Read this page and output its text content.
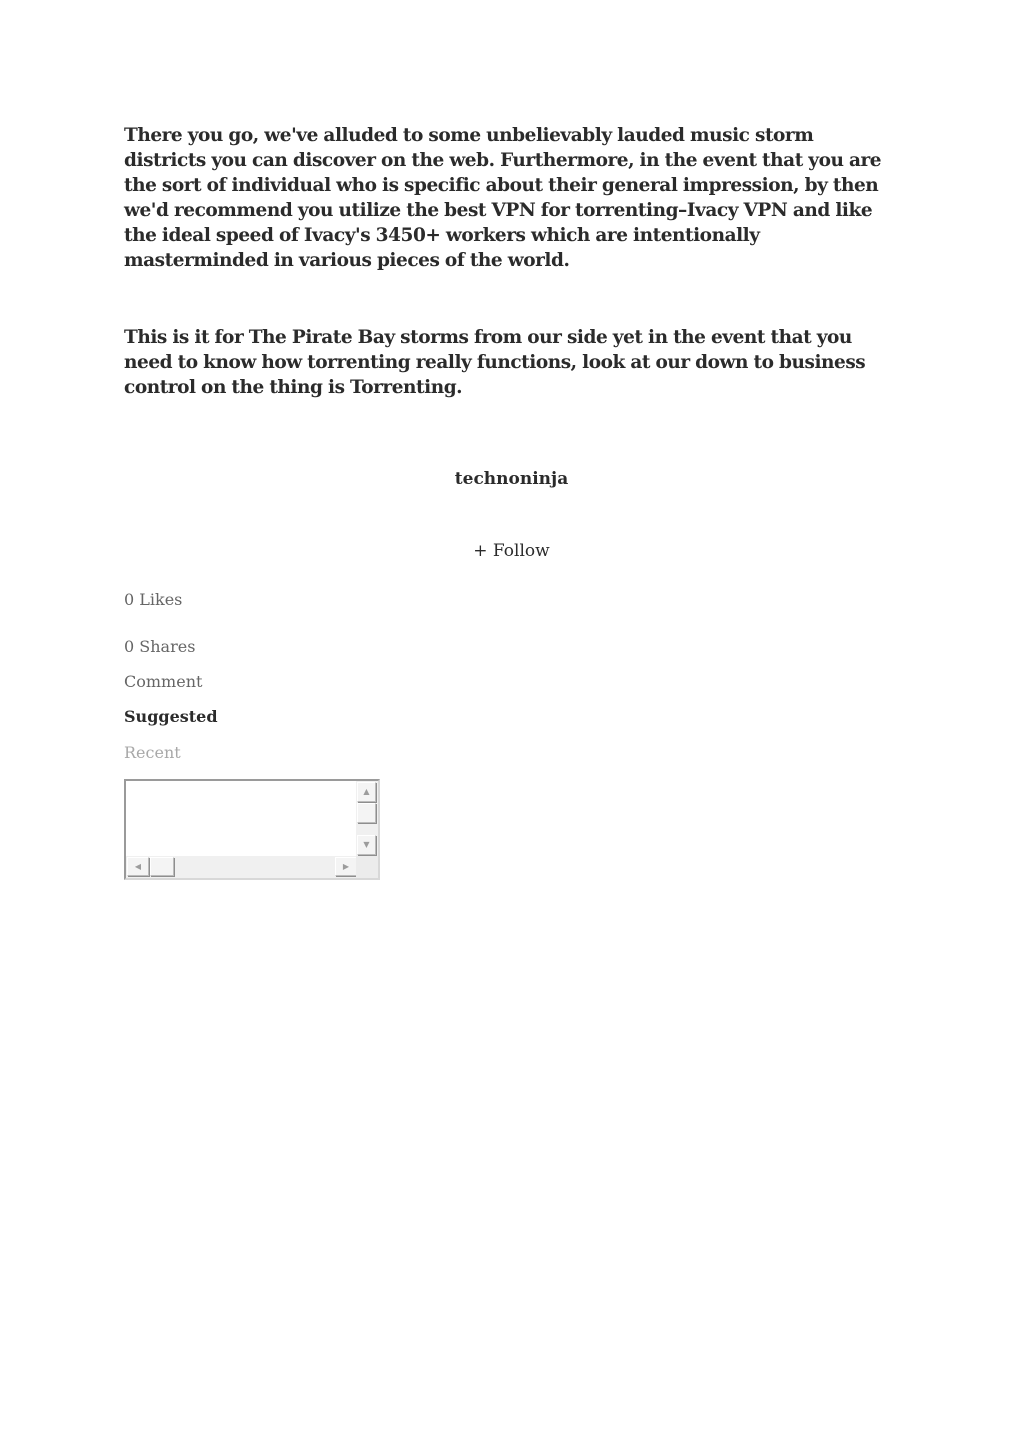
There you go, we've alluded to some unbelievably lauded music storm districts you can discover on the web. Furthermore, in the event that you are the sort of individual who is specific about their general impression, by then we'd recommend you utilize the best VPN for torrenting–Ivacy VPN and like the ideal speed of Ivacy's 3450+ workers which are intentionally masterminded in various pieces of the world.

This is it for The Pirate Bay storms from our side yet in the event that you need to know how torrenting really functions, look at our down to business control on the thing is Torrenting.

technoninja
+ Follow
0 Likes
0 Shares
Comment
Suggested
Recent
▲
▼
◀	▶
